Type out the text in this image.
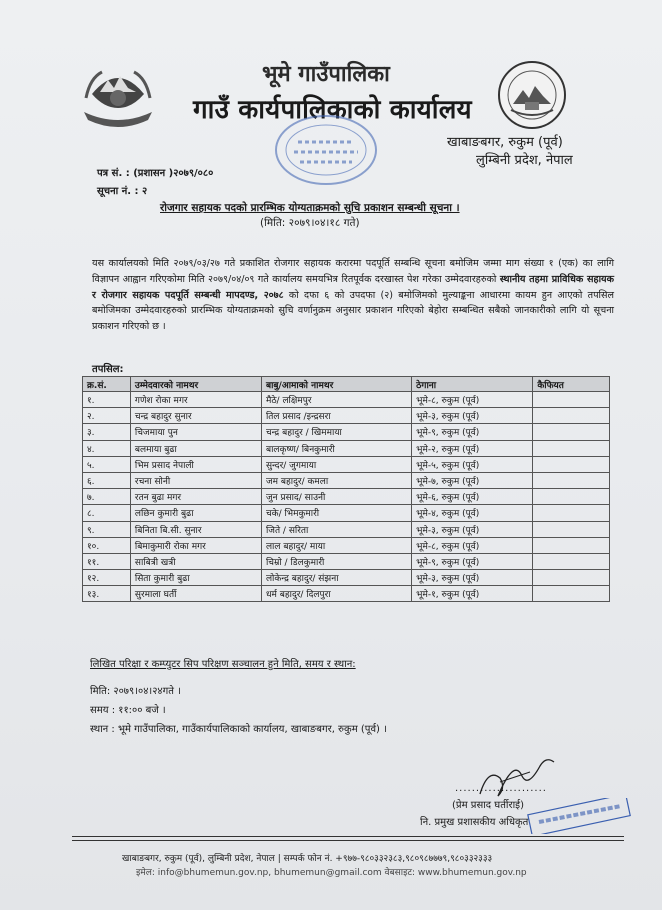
भूमे गाउँपालिका
गाउँ कार्यपालिकाको कार्यालय
खाबाङबगर, रुकुम (पूर्व)
लुम्बिनी प्रदेश, नेपाल
पत्र सं. : (प्रशासन )२०७९/०८०
सूचना नं. : २
रोजगार सहायक पदको प्रारम्भिक योग्यताक्रमको सुचि प्रकाशन सम्बन्धी सूचना ।
(मिति: २०७९।०४।१८ गते)
यस कार्यालयको मिति २०७९/०३/२७ गते प्रकाशित रोजगार सहायक करारमा पदपूर्ति सम्बन्धि सूचना बमोजिम जम्मा माग संख्या १ (एक) का लागि विज्ञापन आह्वान गरिएकोमा मिति २०७९/०४/०९ गते कार्यालय समयभित्र रितपूर्वक दरखास्त पेश गरेका उम्मेदवारहरुको स्थानीय तहमा प्राविधिक सहायक र रोजगार सहायक पदपूर्ति सम्बन्धी मापदण्ड, २०७८ को दफा ६ को उपदफा (२) बमोजिमको मुल्याङ्कना आधारमा कायम हुन आएको तपसिल बमोजिमका उम्मेदवारहरुको प्रारम्भिक योग्यताक्रमको सुचि वर्णानुक्रम अनुसार प्रकाशन गरिएको बेहोरा सम्बन्धित सबैको जानकारीको लागि यो सूचना प्रकाशन गरिएको छ ।
तपसिल:
क्र.सं.	उम्मेदवारको नामथर	बाबु/आमाको नामथर	ठेगाना	कैफियत
१.	गणेश रोका मगर	मैठे/ लक्षिमपुर	भूमे-८, रुकुम (पूर्व)	
२.	चन्द्र बहादुर सुनार	तिल प्रसाद /इन्द्रसरा	भूमे-३, रुकुम (पूर्व)	
३.	चिजमाया पुन	चन्द्र बहादुर / खिममाया	भूमे-९, रुकुम (पूर्व)	
४.	बलमाया बुढा	बालकृष्ण/ बिनकुमारी	भूमे-२, रुकुम (पूर्व)	
५.	भिम प्रसाद नेपाली	सुन्दर/ जुगमाया	भूमे-५, रुकुम (पूर्व)	
६.	रचना सोनी	जम बहादुर/ कमला	भूमे-७, रुकुम (पूर्व)	
७.	रतन बुढा मगर	जुन प्रसाद/ साउनी	भूमे-६, रुकुम (पूर्व)	
८.	लछिन कुमारी बुढा	चके/ भिमकुमारी	भूमे-४, रुकुम (पूर्व)	
९.	बिनिता बि.सी. सुनार	जिते / सरिता	भूमे-३, रुकुम (पूर्व)	
१०.	बिमाकुमारी रोका मगर	लाल बहादुर/ माया	भूमे-८, रुकुम (पूर्व)	
११.	साबित्री खत्री	चिम्रो / डिलकुमारी	भूमे-९, रुकुम (पूर्व)	
१२.	सिता कुमारी बुढा	लोकेन्द्र बहादुर/ संझना	भूमे-३, रुकुम (पूर्व)	
१३.	सुरमाला घर्ती	धर्म बहादुर/ दिलपुरा	भूमे-१, रुकुम (पूर्व)	
लिखित परिक्षा र कम्प्युटर सिप परिक्षण सञ्चालन हुने मिति, समय र स्थान:
मिति: २०७९।०४।२४गते ।
समय : ११:०० बजे ।
स्थान : भूमे गाउँपालिका, गाउँकार्यपालिकाको कार्यालय, खाबाङबगर, रुकुम (पूर्व) ।
......................
(प्रेम प्रसाद घर्तीराई)
नि. प्रमुख प्रशासकीय अधिकृत
खाबाङबगर, रुकुम (पूर्व), लुम्बिनी प्रदेश, नेपाल | सम्पर्क फोन नं. +९७७-९८०३३२३८३,९८०९८७७७९,९८०३३२३३३
इमेल: info@bhumemun.gov.np, bhumemun@gmail.com वेबसाइट: www.bhumemun.gov.np
